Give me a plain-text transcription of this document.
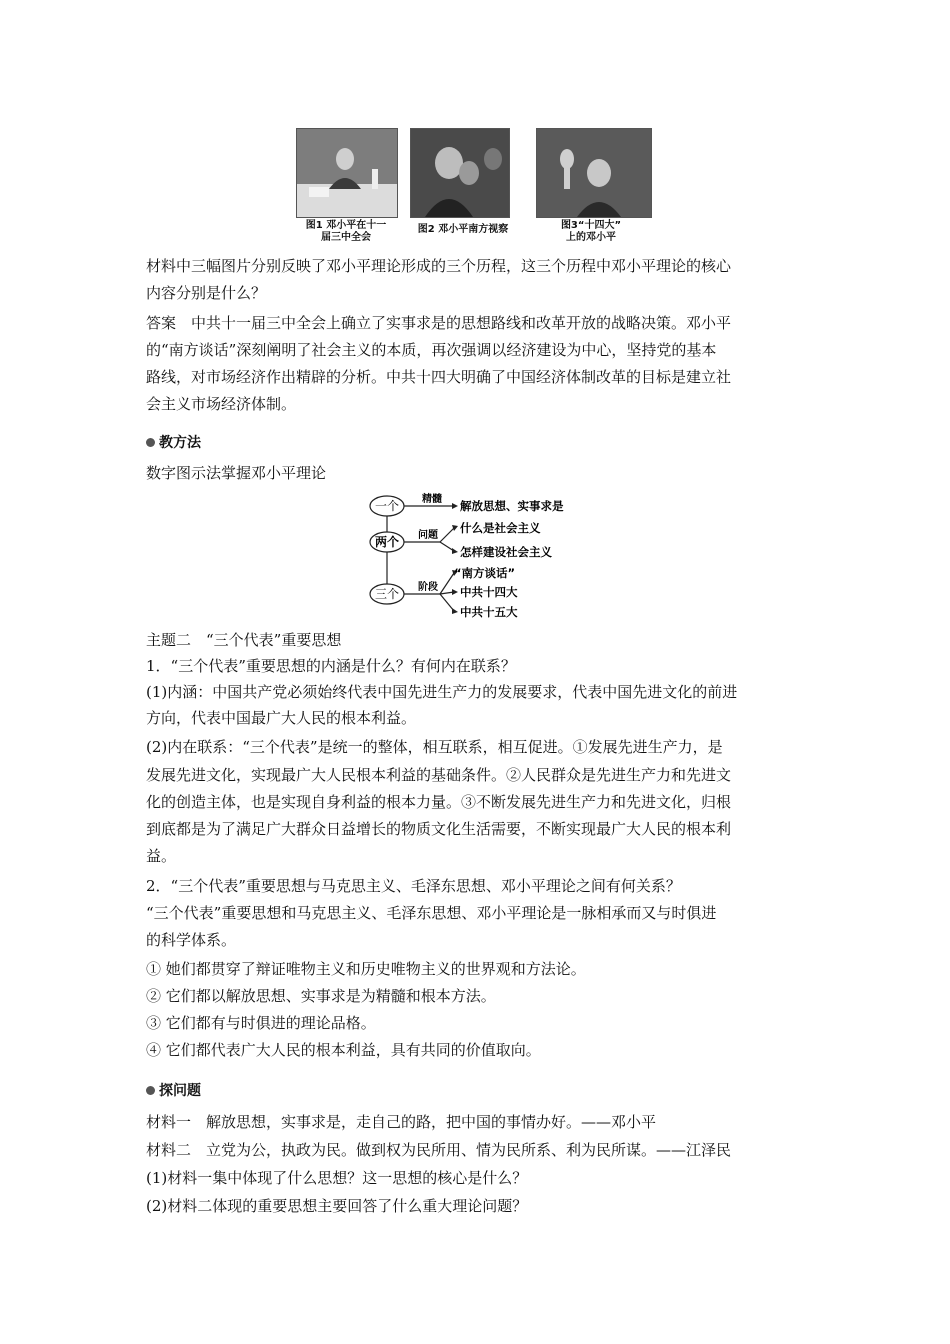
图1 邓小平在十一
届三中全会
图2 邓小平南方视察	图3“十四大”
上的邓小平
材料中三幅图片分别反映了邓小平理论形成的三个历程，这三个历程中邓小平理论的核心
内容分别是什么？
答案　中共十一届三中全会上确立了实事求是的思想路线和改革开放的战略决策。邓小平
的“南方谈话”深刻阐明了社会主义的本质，再次强调以经济建设为中心，坚持党的基本
路线，对市场经济作出精辟的分析。中共十四大明确了中国经济体制改革的目标是建立社
会主义市场经济体制。
教方法
数字图示法掌握邓小平理论
一个
两个
三个
精髓
问题
阶段
解放思想、实事求是
什么是社会主义
怎样建设社会主义
“南方谈话”
中共十四大
中共十五大
主题二　“三个代表”重要思想
1．“三个代表”重要思想的内涵是什么？有何内在联系？
(1)内涵：中国共产党必须始终代表中国先进生产力的发展要求，代表中国先进文化的前进
方向，代表中国最广大人民的根本利益。
(2)内在联系：“三个代表”是统一的整体，相互联系，相互促进。①发展先进生产力，是
发展先进文化，实现最广大人民根本利益的基础条件。②人民群众是先进生产力和先进文
化的创造主体，也是实现自身利益的根本力量。③不断发展先进生产力和先进文化，归根
到底都是为了满足广大群众日益增长的物质文化生活需要，不断实现最广大人民的根本利
益。
2．“三个代表”重要思想与马克思主义、毛泽东思想、邓小平理论之间有何关系？
“三个代表”重要思想和马克思主义、毛泽东思想、邓小平理论是一脉相承而又与时俱进
的科学体系。
① 她们都贯穿了辩证唯物主义和历史唯物主义的世界观和方法论。
② 它们都以解放思想、实事求是为精髓和根本方法。
③ 它们都有与时俱进的理论品格。
④ 它们都代表广大人民的根本利益，具有共同的价值取向。
探问题
材料一　解放思想，实事求是，走自己的路，把中国的事情办好。——邓小平
材料二　立党为公，执政为民。做到权为民所用、情为民所系、利为民所谋。——江泽民
(1)材料一集中体现了什么思想？这一思想的核心是什么？
(2)材料二体现的重要思想主要回答了什么重大理论问题？
